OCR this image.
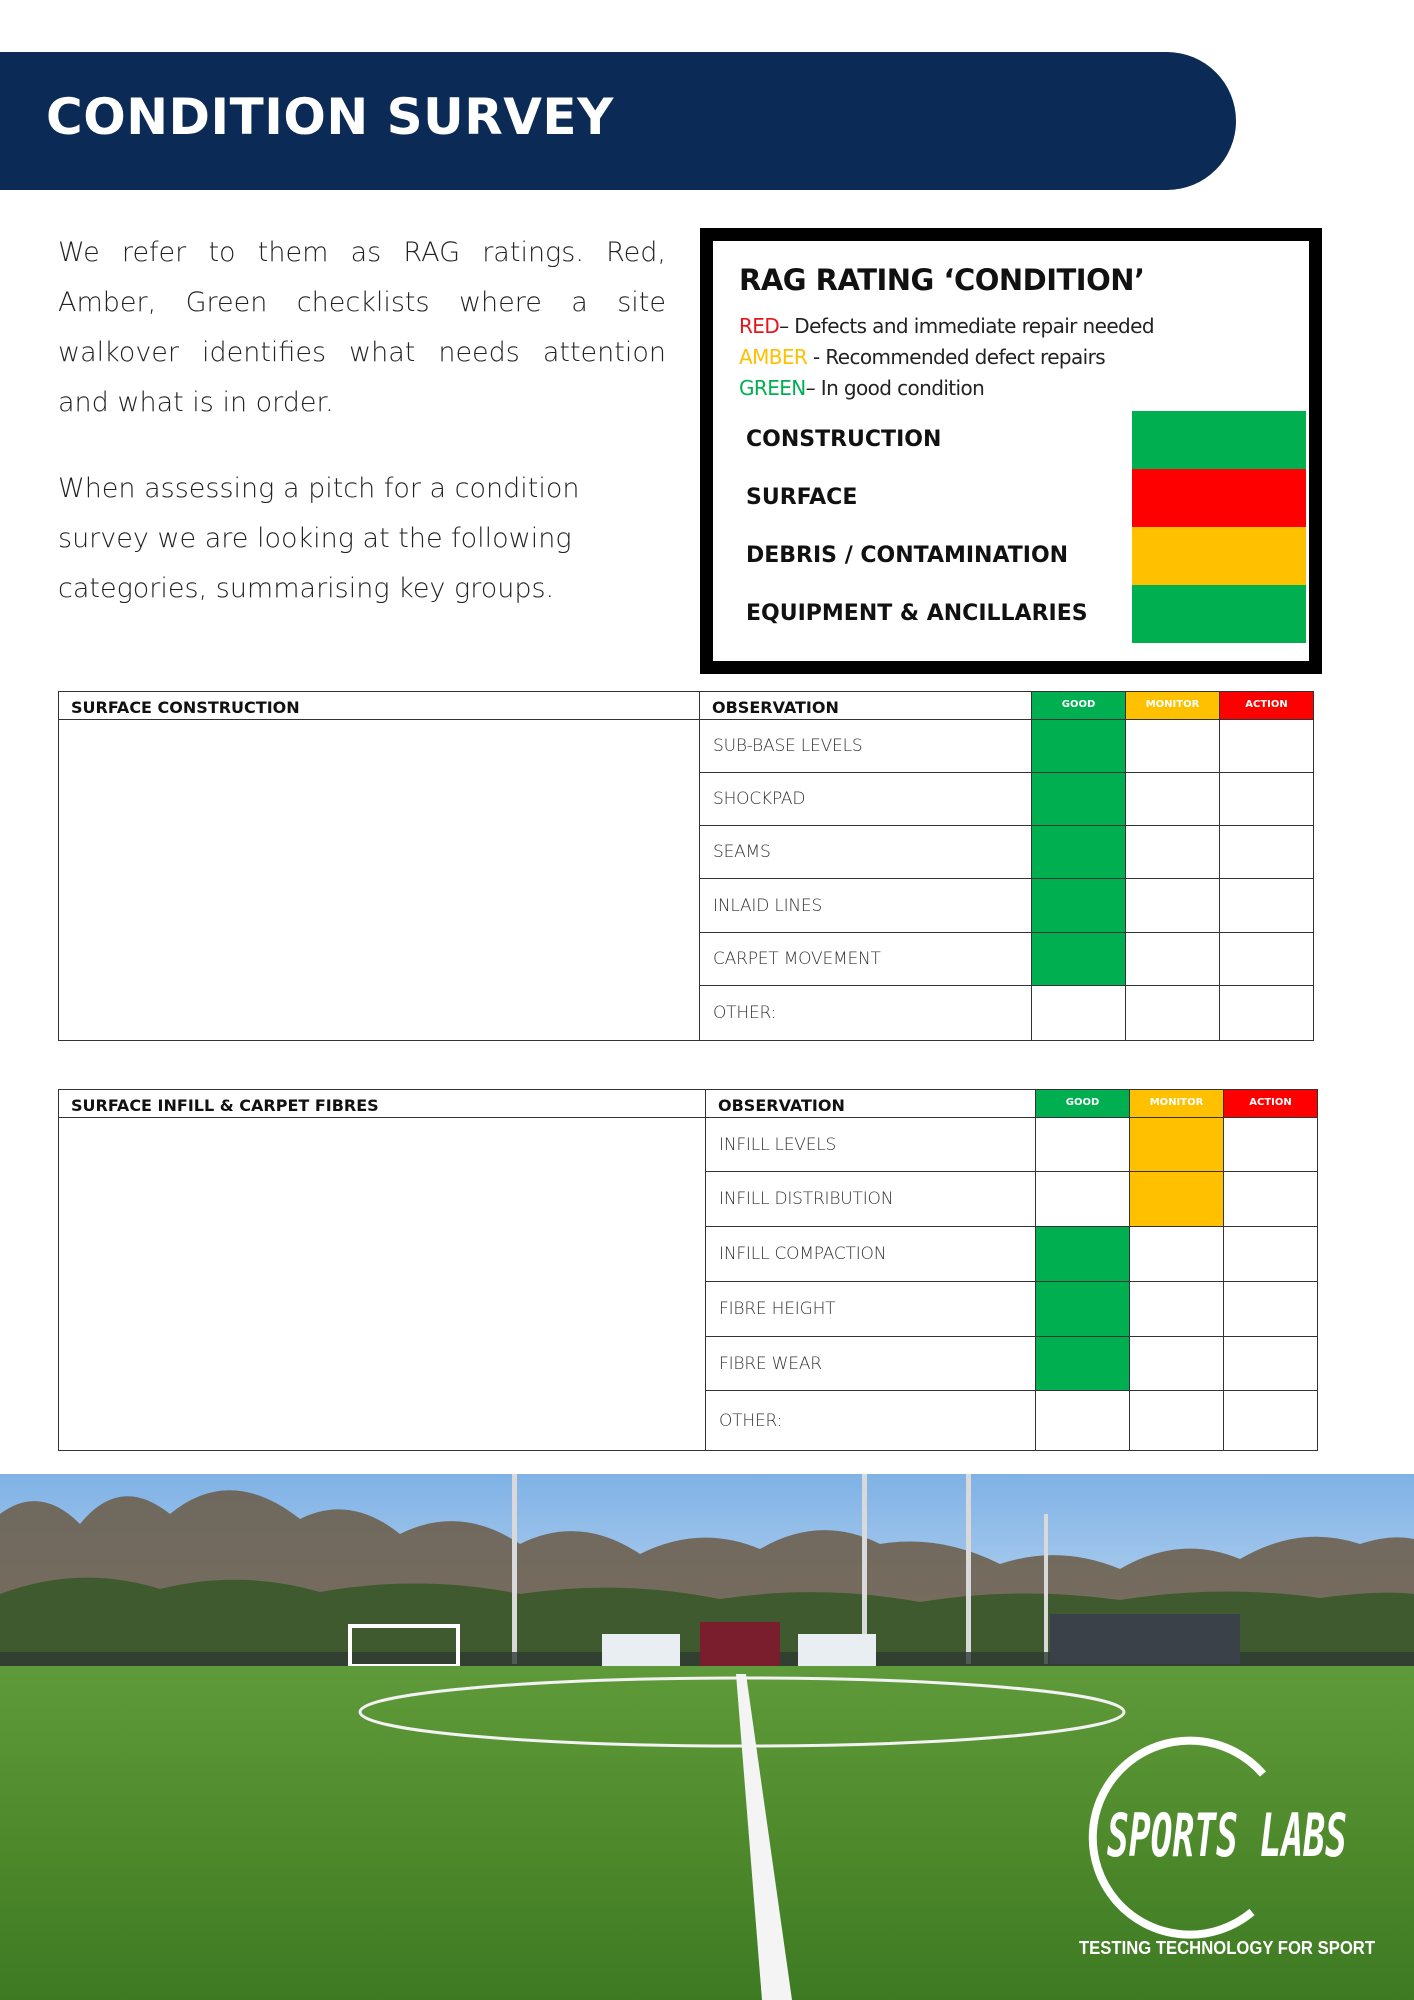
CONDITION SURVEY

We refer to them as RAG ratings. Red, Amber, Green checklists where a site walkover identifies what needs attention and what is in order.

When assessing a pitch for a condition survey we are looking at the following categories, summarising key groups.

RAG RATING ‘CONDITION’
RED– Defects and immediate repair needed
AMBER - Recommended defect repairs
GREEN– In good condition
CONSTRUCTION
SURFACE
DEBRIS / CONTAMINATION
EQUIPMENT & ANCILLARIES
SURFACE CONSTRUCTION	OBSERVATION	GOOD	MONITOR	ACTION
	SUB-BASE LEVELS			
	SHOCKPAD			
	SEAMS			
	INLAID LINES			
	CARPET MOVEMENT			
	OTHER:			
SURFACE INFILL & CARPET FIBRES	OBSERVATION	GOOD	MONITOR	ACTION
	INFILL LEVELS			
	INFILL DISTRIBUTION			
	INFILL COMPACTION			
	FIBRE HEIGHT			
	FIBRE WEAR			
	OTHER:			
SPORTS LABS
TESTING TECHNOLOGY FOR SPORT
